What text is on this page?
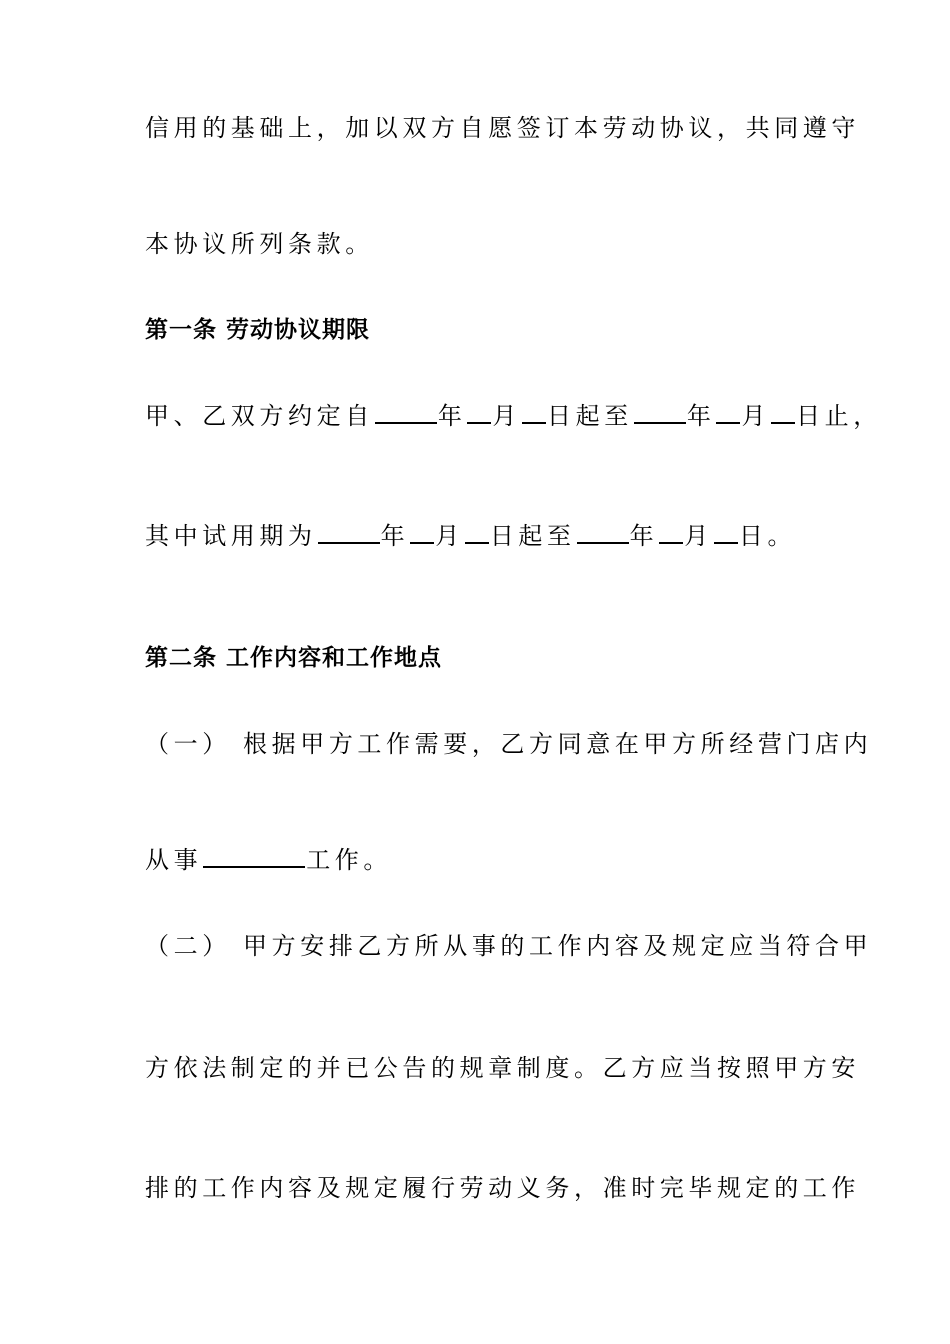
信用的基础上，加以双方自愿签订本劳动协议，共同遵守
本协议所列条款。
第一条 劳动协议期限
甲、乙双方约定自	年 月 日起至 年 月 日止，
其中试用期为	年 月 日起至 年 月 日。
第二条 工作内容和工作地点
（一） 根据甲方工作需要，乙方同意在甲方所经营门店内
从事	工作。
（二） 甲方安排乙方所从事的工作内容及规定应当符合甲
方依法制定的并已公告的规章制度。乙方应当按照甲方安
排的工作内容及规定履行劳动义务，准时完毕规定的工作
